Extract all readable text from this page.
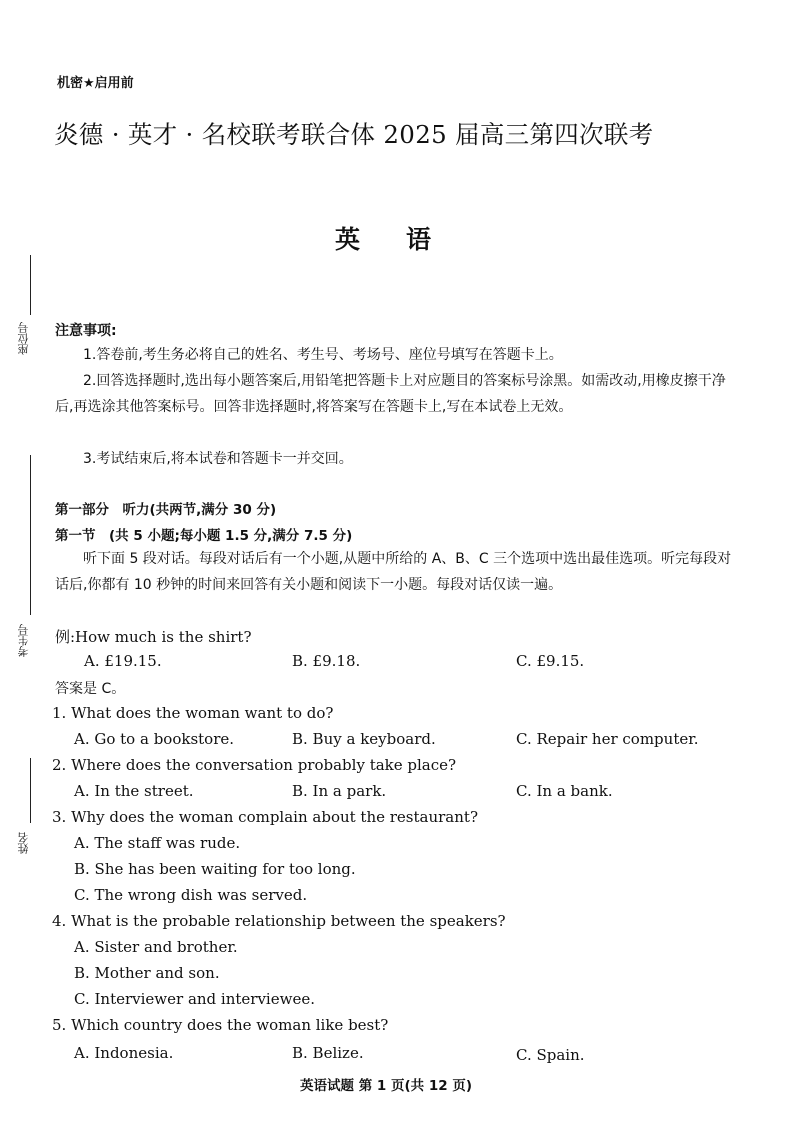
机密★启用前
炎德 · 英才 · 名校联考联合体 2025 届高三第四次联考
英语
座位号
考生号
姓名
注意事项:
1.答卷前,考生务必将自己的姓名、考生号、考场号、座位号填写在答题卡上。
2.回答选择题时,选出每小题答案后,用铅笔把答题卡上对应题目的答案标号涂黑。如需改动,用橡皮擦干净后,再选涂其他答案标号。回答非选择题时,将答案写在答题卡上,写在本试卷上无效。
3.考试结束后,将本试卷和答题卡一并交回。
第一部分　听力(共两节,满分 30 分)
第一节　(共 5 小题;每小题 1.5 分,满分 7.5 分)
听下面 5 段对话。每段对话后有一个小题,从题中所给的 A、B、C 三个选项中选出最佳选项。听完每段对话后,你都有 10 秒钟的时间来回答有关小题和阅读下一小题。每段对话仅读一遍。
例:How much is the shirt?
A. £19.15.	B. £9.18.	C. £9.15.
答案是 C。
1. What does the woman want to do?
A. Go to a bookstore.	B. Buy a keyboard.	C. Repair her computer.
2. Where does the conversation probably take place?
A. In the street.	B. In a park.	C. In a bank.
3. Why does the woman complain about the restaurant?
A. The staff was rude.
B. She has been waiting for too long.
C. The wrong dish was served.
4. What is the probable relationship between the speakers?
A. Sister and brother.
B. Mother and son.
C. Interviewer and interviewee.
5. Which country does the woman like best?
A. Indonesia.	B. Belize.	C. Spain.
英语试题 第 1 页(共 12 页)
